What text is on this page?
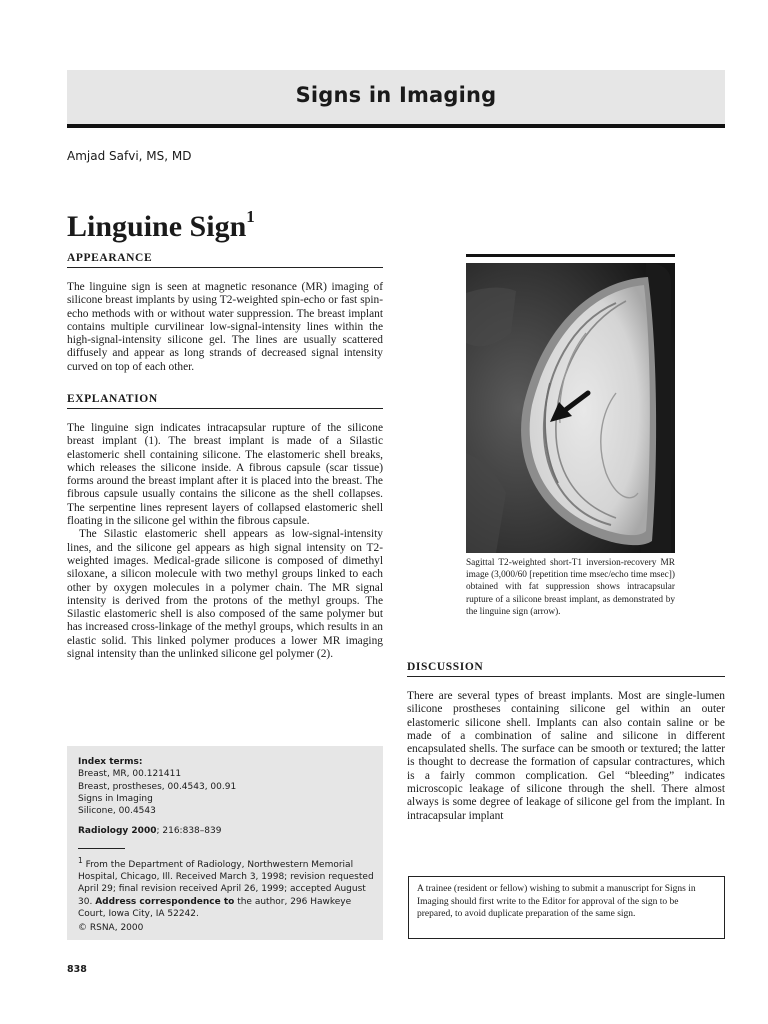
Signs in Imaging
Amjad Safvi, MS, MD
Linguine Sign$^1$
APPEARANCE

The linguine sign is seen at magnetic resonance (MR) imaging of silicone breast implants by using T2-weighted spin-echo or fast spin-echo methods with or without water suppression. The breast implant contains multiple curvilinear low-signal-intensity lines within the high-signal-intensity silicone gel. The lines are usually scattered diffusely and appear as long strands of decreased signal intensity curved on top of each other.

EXPLANATION

The linguine sign indicates intracapsular rupture of the silicone breast implant (1). The breast implant is made of a Silastic elastomeric shell containing silicone. The elastomeric shell breaks, which releases the silicone inside. A fibrous capsule (scar tissue) forms around the breast implant after it is placed into the breast. The fibrous capsule usually contains the silicone as the shell collapses. The serpentine lines represent layers of collapsed elastomeric shell floating in the silicone gel within the fibrous capsule.

The Silastic elastomeric shell appears as low-signal-intensity lines, and the silicone gel appears as high signal intensity on T2-weighted images. Medical-grade silicone is composed of dimethyl siloxane, a silicon molecule with two methyl groups linked to each other by oxygen molecules in a polymer chain. The MR signal intensity is derived from the protons of the methyl groups. The Silastic elastomeric shell is also composed of the same polymer but has increased cross-linkage of the methyl groups, which results in an elastic solid. This linked polymer produces a lower MR imaging signal intensity than the unlinked silicone gel polymer (2).

Sagittal T2-weighted short-T1 inversion-recovery MR image (3,000/60 [repetition time msec/echo time msec]) obtained with fat suppression shows intracapsular rupture of a silicone breast implant, as demonstrated by the linguine sign (arrow).
DISCUSSION

There are several types of breast implants. Most are single-lumen silicone prostheses containing silicone gel within an outer elastomeric silicone shell. Implants can also contain saline or be made of a combination of saline and silicone in different encapsulated shells. The surface can be smooth or textured; the latter is thought to decrease the formation of capsular contractures, which is a fairly common complication. Gel “bleeding” indicates microscopic leakage of silicone through the shell. There almost always is some degree of leakage of silicone gel from the implant. In intracapsular implant

Index terms:
Breast, MR, 00.121411
Breast, prostheses, 00.4543, 00.91
Signs in Imaging
Silicone, 00.4543
Radiology 2000; 216:838–839
$^1$ From the Department of Radiology, Northwestern Memorial Hospital, Chicago, Ill. Received March 3, 1998; revision requested April 29; final revision received April 26, 1999; accepted August 30. Address correspondence to the author, 296 Hawkeye Court, Iowa City, IA 52242.
© RSNA, 2000
A trainee (resident or fellow) wishing to submit a manuscript for Signs in Imaging should first write to the Editor for approval of the sign to be prepared, to avoid duplicate preparation of the same sign.
838
